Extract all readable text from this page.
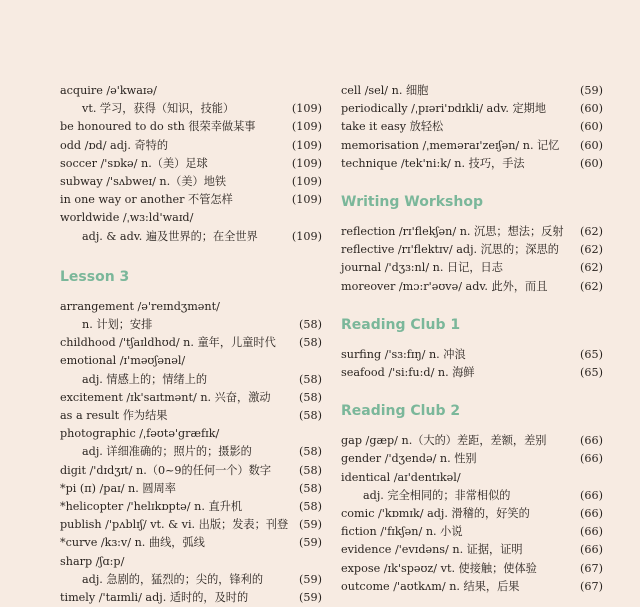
acquire /ə'kwaɪə/
vt. 学习，获得（知识，技能）	(109)
be honoured to do sth 很荣幸做某事	(109)
odd /ɒd/ adj. 奇特的	(109)
soccer /'sɒkə/ n.（美）足球	(109)
subway /'sʌbweɪ/ n.（美）地铁	(109)
in one way or another 不管怎样	(109)
worldwide /ˌwɜ:ld'waɪd/
adj. & adv. 遍及世界的；在全世界	(109)
Lesson 3
arrangement /ə'reɪndʒmənt/
n. 计划；安排	(58)
childhood /'tʃaɪldhʊd/ n. 童年，儿童时代	(58)
emotional /ɪ'məʊʃənəl/
adj. 情感上的；情绪上的	(58)
excitement /ɪk'saɪtmənt/ n. 兴奋，激动	(58)
as a result 作为结果	(58)
photographic /ˌfəʊtə'græfɪk/
adj. 详细准确的；照片的；摄影的	(58)
digit /'dɪdʒɪt/ n.（0~9的任何一个）数字	(58)
*pi (π) /paɪ/ n. 圆周率	(58)
*helicopter /'helɪkɒptə/ n. 直升机	(58)
publish /'pʌblɪʃ/ vt. & vi. 出版；发表；刊登 (59)
*curve /kɜ:v/ n. 曲线，弧线	(59)
sharp /ʃɑ:p/
adj. 急剧的，猛烈的；尖的，锋利的	(59)
timely /'taɪmli/ adj. 适时的，及时的	(59)
cell /sel/ n. 细胞	(59)
periodically /ˌpɪəri'ɒdɪkli/ adv. 定期地	(60)
take it easy 放轻松	(60)
memorisation /ˌmeməraɪ'zeɪʃən/ n. 记忆	(60)
technique /tek'ni:k/ n. 技巧，手法	(60)
Writing Workshop
reflection /rɪ'flekʃən/ n. 沉思；想法；反射	(62)
reflective /rɪ'flektɪv/ adj. 沉思的；深思的	(62)
journal /'dʒɜ:nl/ n. 日记，日志	(62)
moreover /mɔ:r'əʊvə/ adv. 此外，而且	(62)
Reading Club 1
surfing /'sɜ:fɪŋ/ n. 冲浪	(65)
seafood /'si:fu:d/ n. 海鲜	(65)
Reading Club 2
gap /gæp/ n.（大的）差距，差额，差别	(66)
gender /'dʒendə/ n. 性别	(66)
identical /aɪ'dentɪkəl/
adj. 完全相同的；非常相似的	(66)
comic /'kɒmɪk/ adj. 滑稽的，好笑的	(66)
fiction /'fɪkʃən/ n. 小说	(66)
evidence /'evɪdəns/ n. 证据，证明	(66)
expose /ɪk'spəʊz/ vt. 使接触；使体验	(67)
outcome /'aʊtkʌm/ n. 结果，后果	(67)
